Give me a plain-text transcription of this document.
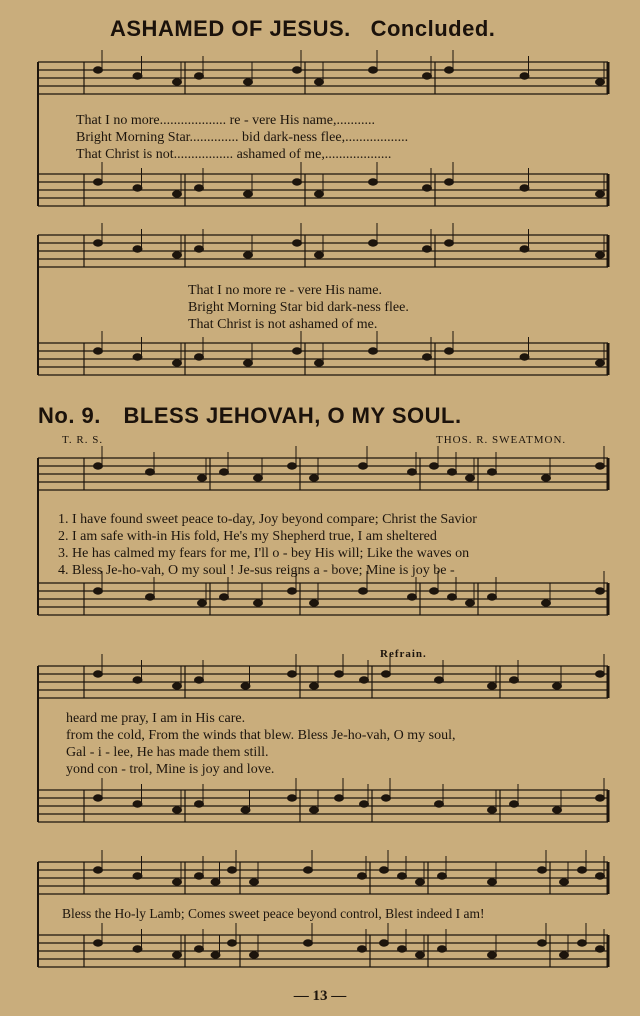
ASHAMED OF JESUS. Concluded.
That I no more................... re - vere His name,...........
Bright Morning Star.............. bid dark-ness flee,..................
That Christ is not................. ashamed of me,...................
That I no more re - vere His name.
Bright Morning Star bid dark-ness flee.
That Christ is not ashamed of me.
No. 9. BLESS JEHOVAH, O MY SOUL.
T. R. S.	THOS. R. SWEATMON.
1. I have found sweet peace to-day, Joy beyond compare; Christ the Savior
2. I am safe with-in His fold, He's my Shepherd true, I am sheltered
3. He has calmed my fears for me, I'll o - bey His will; Like the waves on
4. Bless Je-ho-vah, O my soul ! Je-sus reigns a - bove; Mine is joy be -
Refrain.
heard me pray, I am in His care.
from the cold, From the winds that blew. Bless Je-ho-vah, O my soul,
Gal - i - lee, He has made them still.
yond con - trol, Mine is joy and love.
Bless the Ho-ly Lamb; Comes sweet peace beyond control, Blest indeed I am!
— 13 —
